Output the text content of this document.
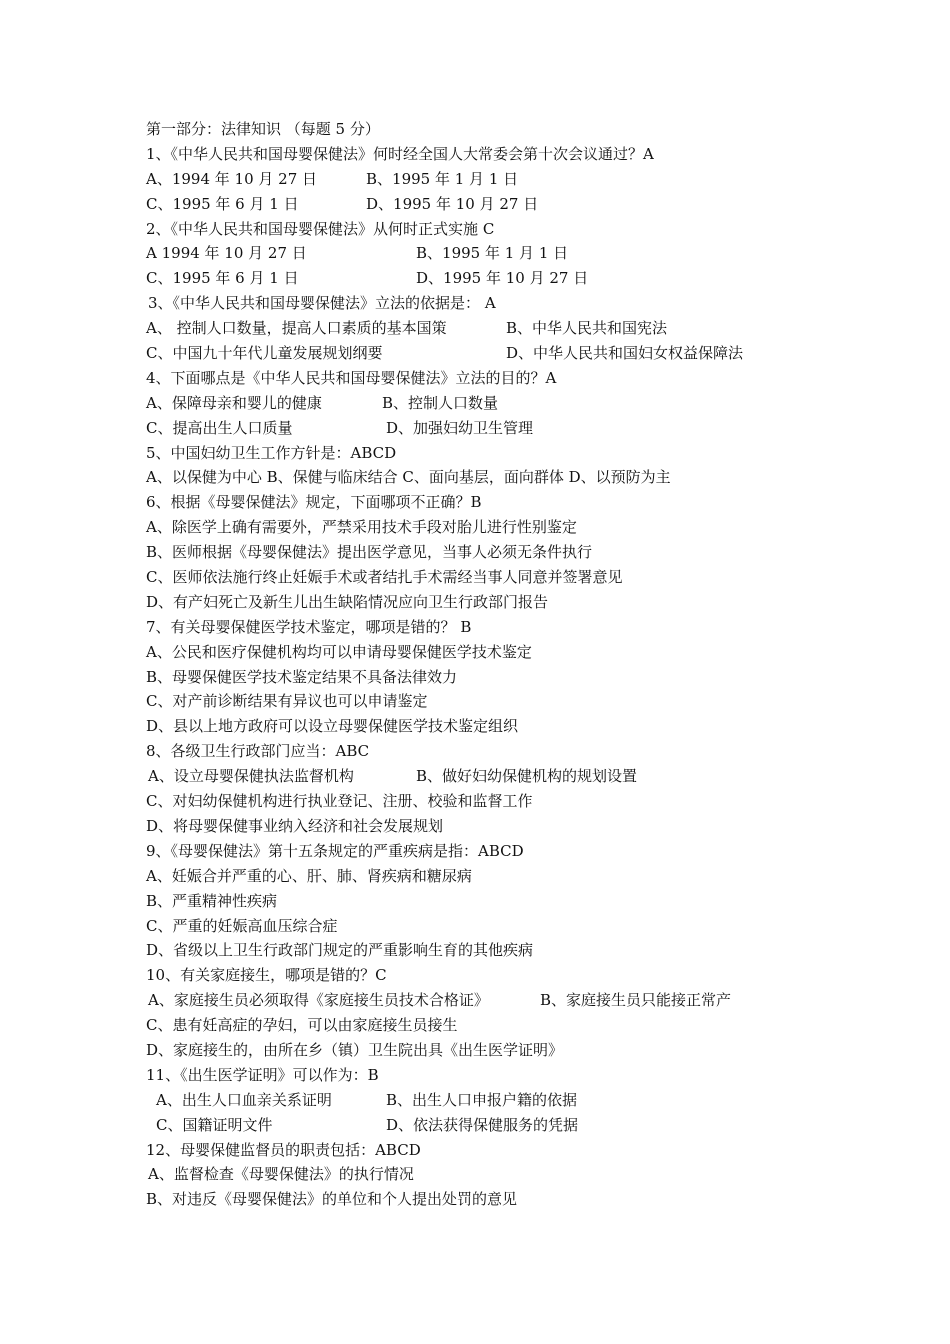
第一部分：法律知识 （每题 5 分）
1、《中华人民共和国母婴保健法》何时经全国人大常委会第十次会议通过？A
A、1994 年 10 月 27 日	B、1995 年 1 月 1 日
C、1995 年 6 月 1 日	D、1995 年 10 月 27 日
2、《中华人民共和国母婴保健法》从何时正式实施 C
A 1994 年 10 月 27 日	B、1995 年 1 月 1 日
C、1995 年 6 月 1 日	D、1995 年 10 月 27 日
3、《中华人民共和国母婴保健法》立法的依据是： A
A、 控制人口数量，提高人口素质的基本国策	B、中华人民共和国宪法
C、中国九十年代儿童发展规划纲要	D、中华人民共和国妇女权益保障法
4、下面哪点是《中华人民共和国母婴保健法》立法的目的？A
A、保障母亲和婴儿的健康	B、控制人口数量
C、提高出生人口质量	D、加强妇幼卫生管理
5、中国妇幼卫生工作方针是：ABCD
A、以保健为中心 B、保健与临床结合 C、面向基层，面向群体 D、以预防为主
6、根据《母婴保健法》规定，下面哪项不正确？B
A、除医学上确有需要外，严禁采用技术手段对胎儿进行性别鉴定
B、医师根据《母婴保健法》提出医学意见，当事人必须无条件执行
C、医师依法施行终止妊娠手术或者结扎手术需经当事人同意并签署意见
D、有产妇死亡及新生儿出生缺陷情况应向卫生行政部门报告
7、有关母婴保健医学技术鉴定，哪项是错的？ B
A、公民和医疗保健机构均可以申请母婴保健医学技术鉴定
B、母婴保健医学技术鉴定结果不具备法律效力
C、对产前诊断结果有异议也可以申请鉴定
D、县以上地方政府可以设立母婴保健医学技术鉴定组织
8、各级卫生行政部门应当：ABC
A、设立母婴保健执法监督机构	B、做好妇幼保健机构的规划设置
C、对妇幼保健机构进行执业登记、注册、校验和监督工作
D、将母婴保健事业纳入经济和社会发展规划
9、《母婴保健法》第十五条规定的严重疾病是指：ABCD
A、妊娠合并严重的心、肝、肺、肾疾病和糖尿病
B、严重精神性疾病
C、严重的妊娠高血压综合症
D、省级以上卫生行政部门规定的严重影响生育的其他疾病
10、有关家庭接生，哪项是错的？C
A、家庭接生员必须取得《家庭接生员技术合格证》	B、家庭接生员只能接正常产
C、患有妊高症的孕妇，可以由家庭接生员接生
D、家庭接生的，由所在乡（镇）卫生院出具《出生医学证明》
11、《出生医学证明》可以作为：B
A、出生人口血亲关系证明	B、出生人口申报户籍的依据
C、国籍证明文件	D、依法获得保健服务的凭据
12、母婴保健监督员的职责包括：ABCD
A、监督检查《母婴保健法》的执行情况
B、对违反《母婴保健法》的单位和个人提出处罚的意见
